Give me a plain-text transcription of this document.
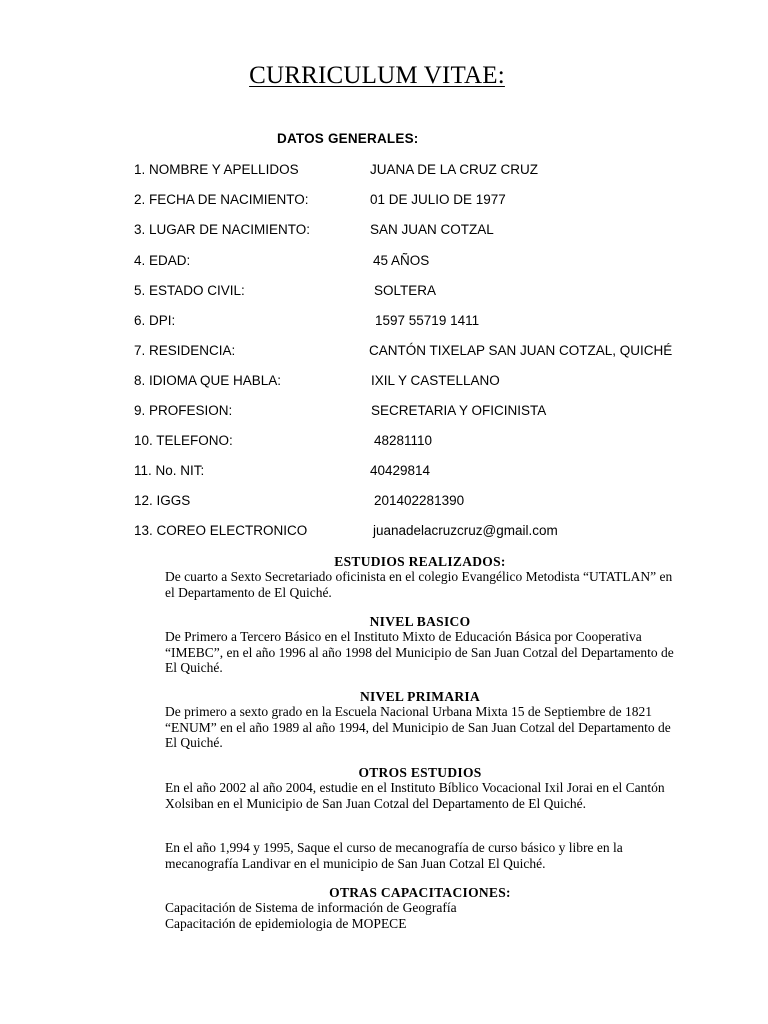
CURRICULUM VITAE:
DATOS GENERALES:
1. NOMBRE Y APELLIDOS	JUANA DE LA CRUZ CRUZ
2. FECHA DE NACIMIENTO:	01 DE JULIO DE 1977
3. LUGAR DE NACIMIENTO:	SAN JUAN COTZAL
4. EDAD:	45 AÑOS
5. ESTADO CIVIL:	SOLTERA
6. DPI:	1597 55719 1411
7. RESIDENCIA:	CANTÓN TIXELAP SAN JUAN COTZAL, QUICHÉ
8. IDIOMA QUE HABLA:	IXIL Y CASTELLANO
9. PROFESION:	SECRETARIA Y OFICINISTA
10. TELEFONO:	48281110
11. No. NIT:	40429814
12. IGGS	201402281390
13. COREO ELECTRONICO	juanadelacruzcruz@gmail.com
ESTUDIOS REALIZADOS:
De cuarto a Sexto Secretariado oficinista en el colegio Evangélico Metodista “UTATLAN” en el Departamento de El Quiché.
NIVEL BASICO
De Primero a Tercero Básico en el Instituto Mixto de Educación Básica por Cooperativa “IMEBC”, en el año 1996 al año 1998 del Municipio de San Juan Cotzal del Departamento de El Quiché.
NIVEL PRIMARIA
De primero a sexto grado en la Escuela Nacional Urbana Mixta 15 de Septiembre de 1821 “ENUM” en el año 1989 al año 1994, del Municipio de San Juan Cotzal del Departamento de El Quiché.
OTROS ESTUDIOS
En el año 2002 al año 2004, estudie en el Instituto Bíblico Vocacional Ixil Jorai en el Cantón Xolsiban en el Municipio de San Juan Cotzal del Departamento de El Quiché.
En el año 1,994 y 1995, Saque el curso de mecanografía de curso básico y libre en la mecanografía Landivar en el municipio de San Juan Cotzal El Quiché.
OTRAS CAPACITACIONES:
Capacitación de Sistema de información de Geografía
Capacitación de epidemiologia de MOPECE
